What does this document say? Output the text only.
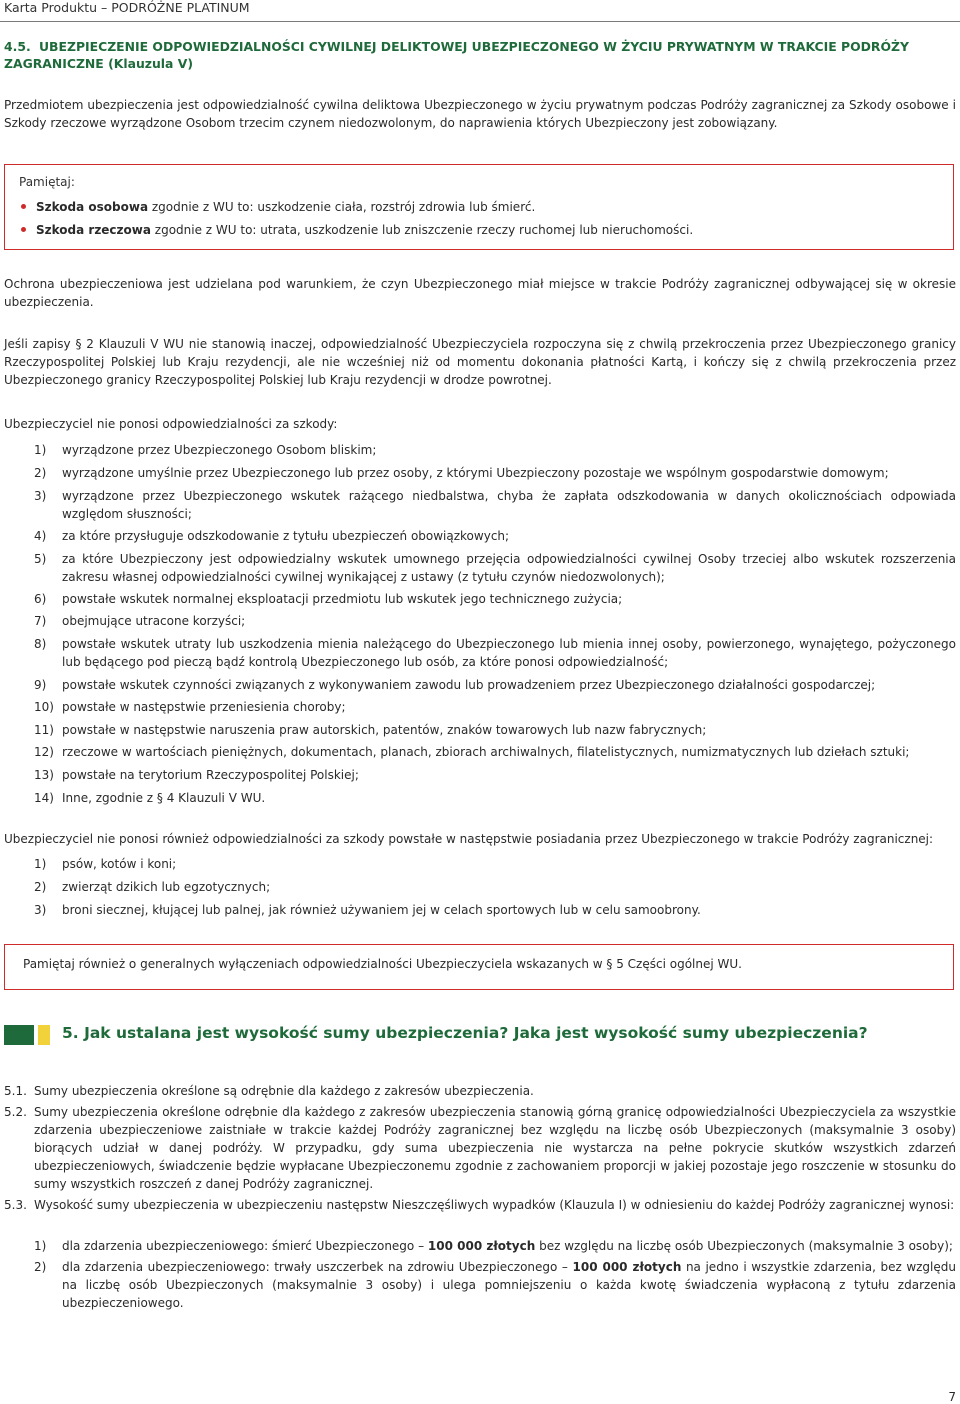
Karta Produktu – PODRÓŻNE PLATINUM
4.5. UBEZPIECZENIE ODPOWIEDZIALNOŚCI CYWILNEJ DELIKTOWEJ UBEZPIECZONEGO W ŻYCIU PRYWATNYM W TRAKCIE PODRÓŻY ZAGRANICZNE (Klauzula V)
Przedmiotem ubezpieczenia jest odpowiedzialność cywilna deliktowa Ubezpieczonego w życiu prywatnym podczas Podróży zagranicznej za Szkody osobowe i Szkody rzeczowe wyrządzone Osobom trzecim czynem niedozwolonym, do naprawienia których Ubezpieczony jest zobowiązany.
Pamiętaj:
Szkoda osobowa zgodnie z WU to: uszkodzenie ciała, rozstrój zdrowia lub śmierć.
Szkoda rzeczowa zgodnie z WU to: utrata, uszkodzenie lub zniszczenie rzeczy ruchomej lub nieruchomości.
Ochrona ubezpieczeniowa jest udzielana pod warunkiem, że czyn Ubezpieczonego miał miejsce w trakcie Podróży zagranicznej odbywającej się w okresie ubezpieczenia.
Jeśli zapisy § 2 Klauzuli V WU nie stanowią inaczej, odpowiedzialność Ubezpieczyciela rozpoczyna się z chwilą przekroczenia przez Ubezpieczonego granicy Rzeczypospolitej Polskiej lub Kraju rezydencji, ale nie wcześniej niż od momentu dokonania płatności Kartą, i kończy się z chwilą przekroczenia przez Ubezpieczonego granicy Rzeczypospolitej Polskiej lub Kraju rezydencji w drodze powrotnej.
Ubezpieczyciel nie ponosi odpowiedzialności za szkody:
1) wyrządzone przez Ubezpieczonego Osobom bliskim;
2) wyrządzone umyślnie przez Ubezpieczonego lub przez osoby, z którymi Ubezpieczony pozostaje we wspólnym gospodarstwie domowym;
3) wyrządzone przez Ubezpieczonego wskutek rażącego niedbalstwa, chyba że zapłata odszkodowania w danych okolicznościach odpowiada względom słuszności;
4) za które przysługuje odszkodowanie z tytułu ubezpieczeń obowiązkowych;
5) za które Ubezpieczony jest odpowiedzialny wskutek umownego przejęcia odpowiedzialności cywilnej Osoby trzeciej albo wskutek rozszerzenia zakresu własnej odpowiedzialności cywilnej wynikającej z ustawy (z tytułu czynów niedozwolonych);
6) powstałe wskutek normalnej eksploatacji przedmiotu lub wskutek jego technicznego zużycia;
7) obejmujące utracone korzyści;
8) powstałe wskutek utraty lub uszkodzenia mienia należącego do Ubezpieczonego lub mienia innej osoby, powierzonego, wynajętego, pożyczonego lub będącego pod pieczą bądź kontrolą Ubezpieczonego lub osób, za które ponosi odpowiedzialność;
9) powstałe wskutek czynności związanych z wykonywaniem zawodu lub prowadzeniem przez Ubezpieczonego działalności gospodarczej;
10) powstałe w następstwie przeniesienia choroby;
11) powstałe w następstwie naruszenia praw autorskich, patentów, znaków towarowych lub nazw fabrycznych;
12) rzeczowe w wartościach pieniężnych, dokumentach, planach, zbiorach archiwalnych, filatelistycznych, numizmatycznych lub dziełach sztuki;
13) powstałe na terytorium Rzeczypospolitej Polskiej;
14) Inne, zgodnie z § 4 Klauzuli V WU.
Ubezpieczyciel nie ponosi również odpowiedzialności za szkody powstałe w następstwie posiadania przez Ubezpieczonego w trakcie Podróży zagranicznej:
1) psów, kotów i koni;
2) zwierząt dzikich lub egzotycznych;
3) broni siecznej, kłującej lub palnej, jak również używaniem jej w celach sportowych lub w celu samoobrony.
Pamiętaj również o generalnych wyłączeniach odpowiedzialności Ubezpieczyciela wskazanych w § 5 Części ogólnej WU.
5. Jak ustalana jest wysokość sumy ubezpieczenia? Jaka jest wysokość sumy ubezpieczenia?
5.1. Sumy ubezpieczenia określone są odrębnie dla każdego z zakresów ubezpieczenia.
5.2. Sumy ubezpieczenia określone odrębnie dla każdego z zakresów ubezpieczenia stanowią górną granicę odpowiedzialności Ubezpieczyciela za wszystkie zdarzenia ubezpieczeniowe zaistniałe w trakcie każdej Podróży zagranicznej bez względu na liczbę osób Ubezpieczonych (maksymalnie 3 osoby) biorących udział w danej podróży. W przypadku, gdy suma ubezpieczenia nie wystarcza na pełne pokrycie skutków wszystkich zdarzeń ubezpieczeniowych, świadczenie będzie wypłacane Ubezpieczonemu zgodnie z zachowaniem proporcji w jakiej pozostaje jego roszczenie w stosunku do sumy wszystkich roszczeń z danej Podróży zagranicznej.
5.3. Wysokość sumy ubezpieczenia w ubezpieczeniu następstw Nieszczęśliwych wypadków (Klauzula I) w odniesieniu do każdej Podróży zagranicznej wynosi:
1) dla zdarzenia ubezpieczeniowego: śmierć Ubezpieczonego – 100 000 złotych bez względu na liczbę osób Ubezpieczonych (maksymalnie 3 osoby);
2) dla zdarzenia ubezpieczeniowego: trwały uszczerbek na zdrowiu Ubezpieczonego – 100 000 złotych na jedno i wszystkie zdarzenia, bez względu na liczbę osób Ubezpieczonych (maksymalnie 3 osoby) i ulega pomniejszeniu o każda kwotę świadczenia wypłaconą z tytułu zdarzenia ubezpieczeniowego.
7
